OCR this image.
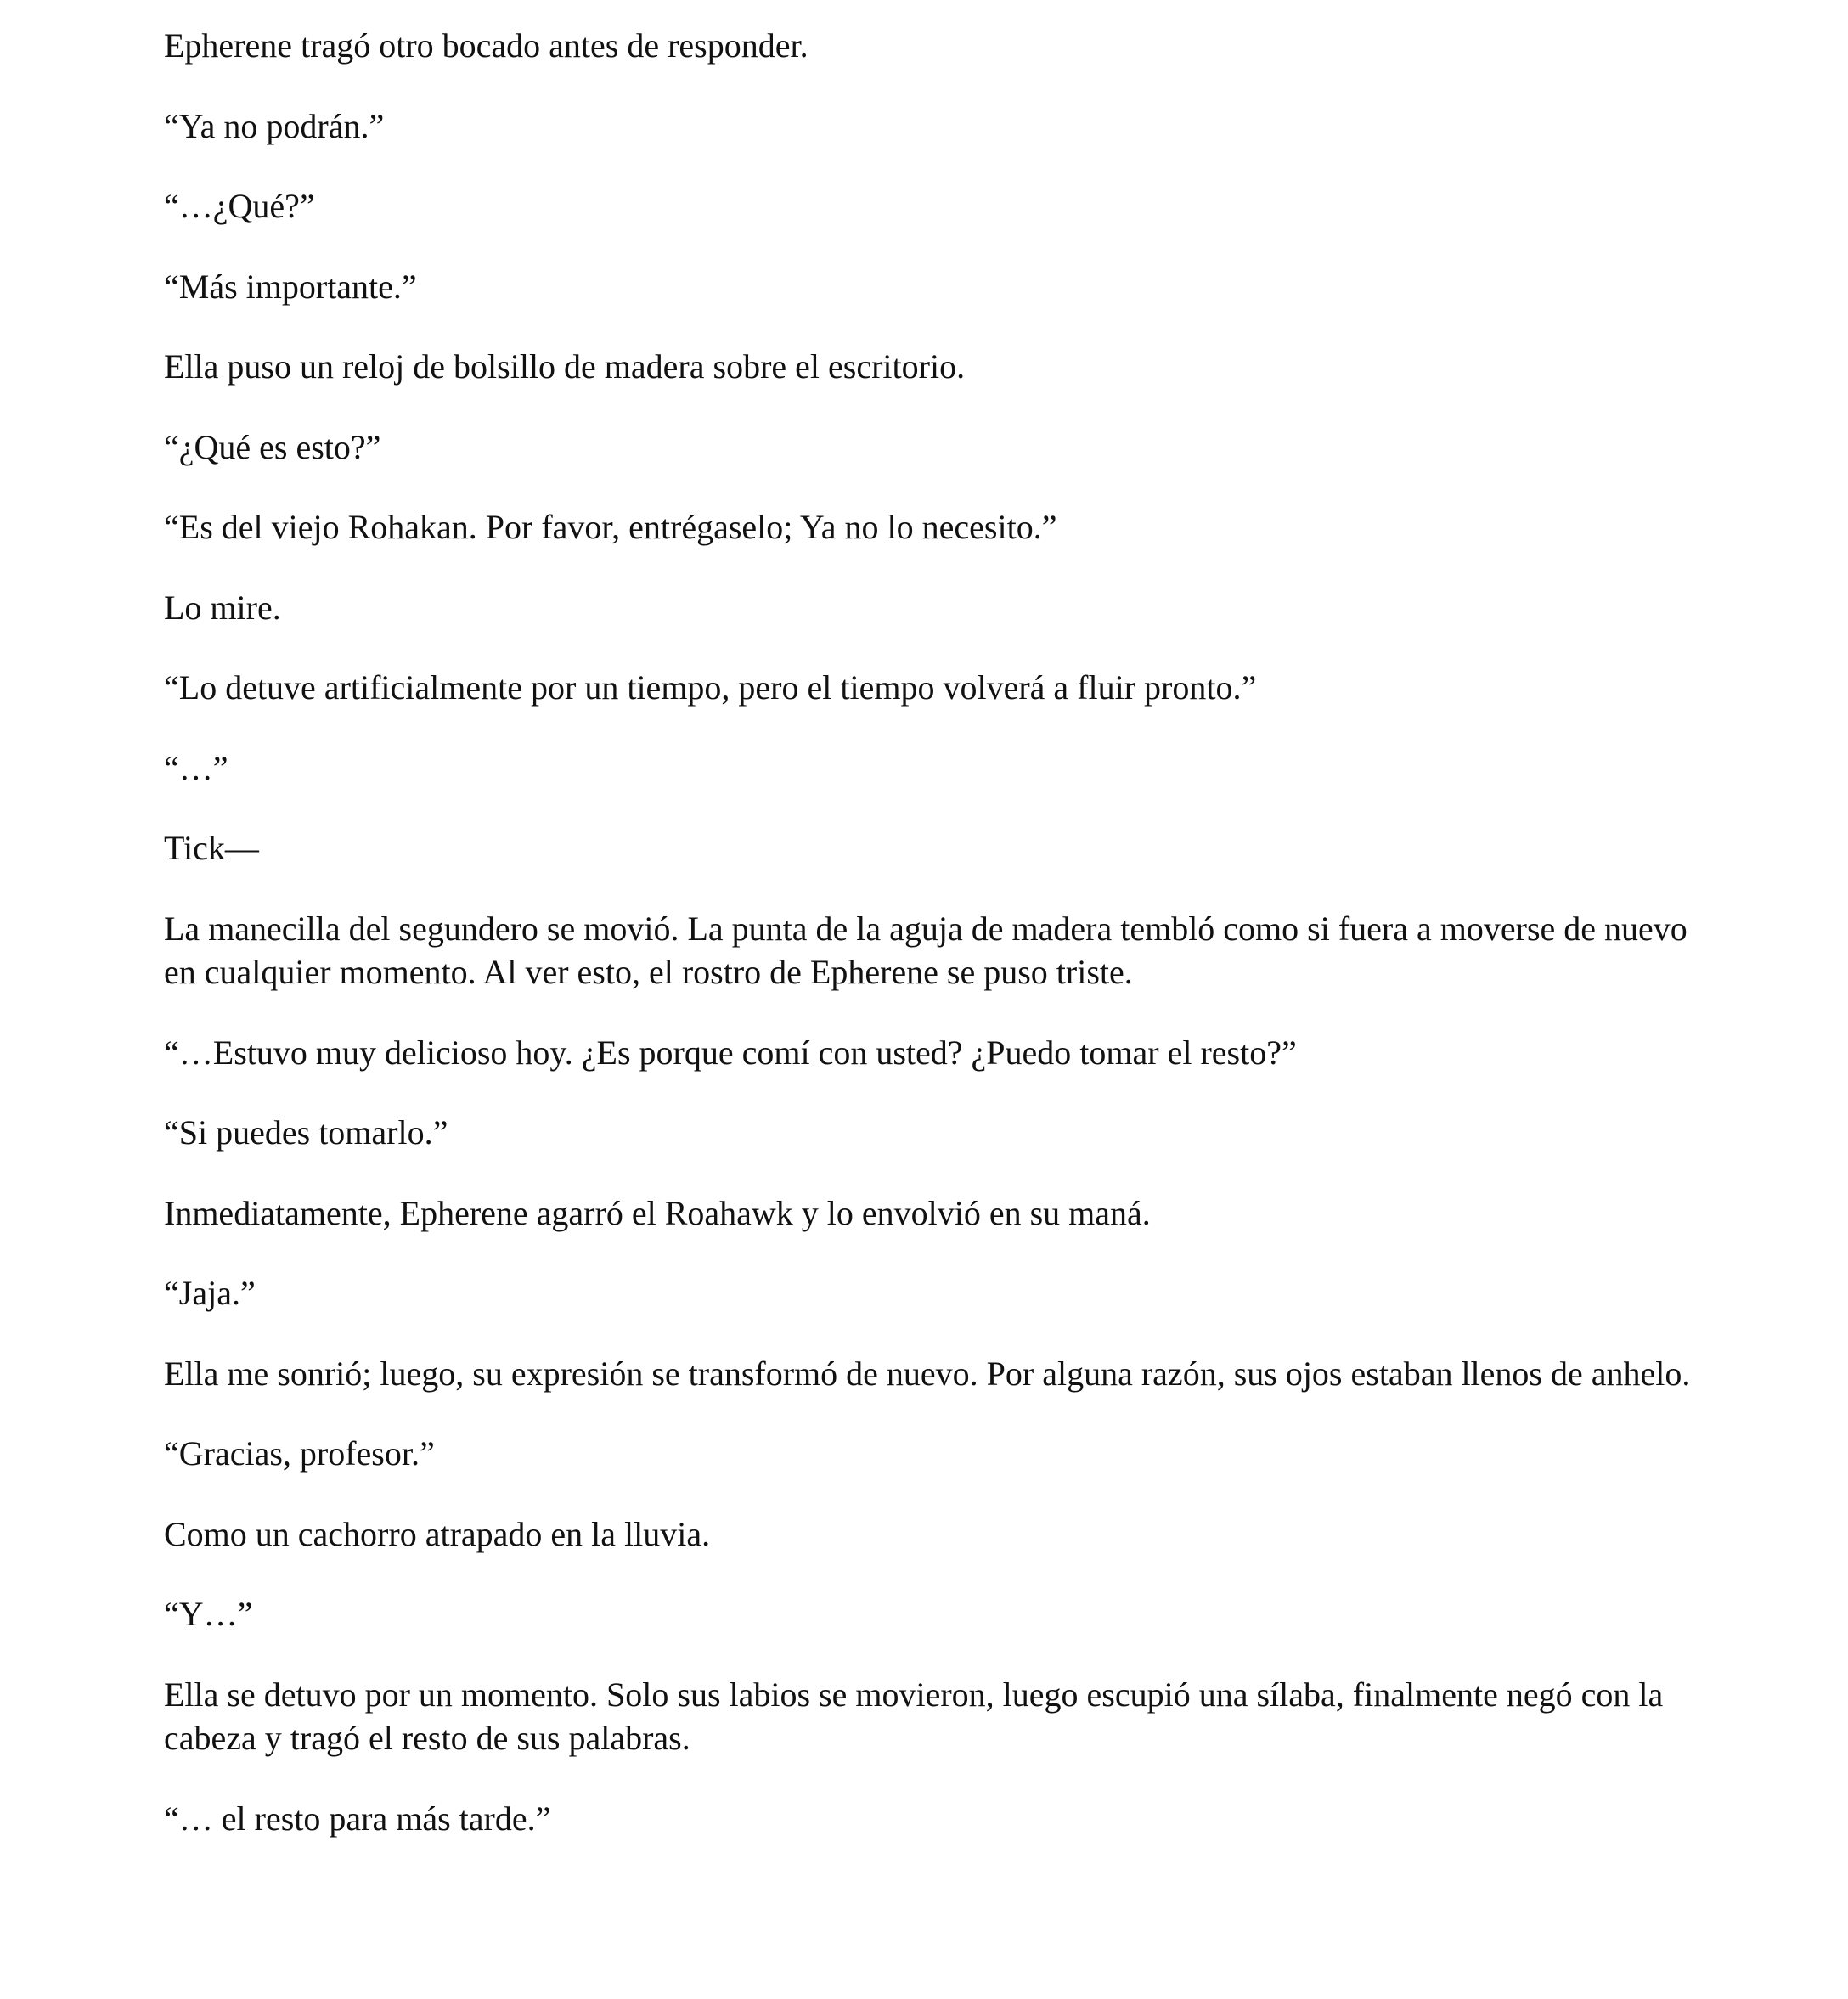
Epherene tragó otro bocado antes de responder.

“Ya no podrán.”

“…¿Qué?”

“Más importante.”

Ella puso un reloj de bolsillo de madera sobre el escritorio.

“¿Qué es esto?”

“Es del viejo Rohakan. Por favor, entrégaselo; Ya no lo necesito.”

Lo mire.

“Lo detuve artificialmente por un tiempo, pero el tiempo volverá a fluir pronto.”

“…”

Tick—

La manecilla del segundero se movió. La punta de la aguja de madera tembló como si fuera a moverse de nuevo en cualquier momento. Al ver esto, el rostro de Epherene se puso triste.

“…Estuvo muy delicioso hoy. ¿Es porque comí con usted? ¿Puedo tomar el resto?”

“Si puedes tomarlo.”

Inmediatamente, Epherene agarró el Roahawk y lo envolvió en su maná.

“Jaja.”

Ella me sonrió; luego, su expresión se transformó de nuevo. Por alguna razón, sus ojos estaban llenos de anhelo.

“Gracias, profesor.”

Como un cachorro atrapado en la lluvia.

“Y…”

Ella se detuvo por un momento. Solo sus labios se movieron, luego escupió una sílaba, finalmente negó con la cabeza y tragó el resto de sus palabras.

“… el resto para más tarde.”
